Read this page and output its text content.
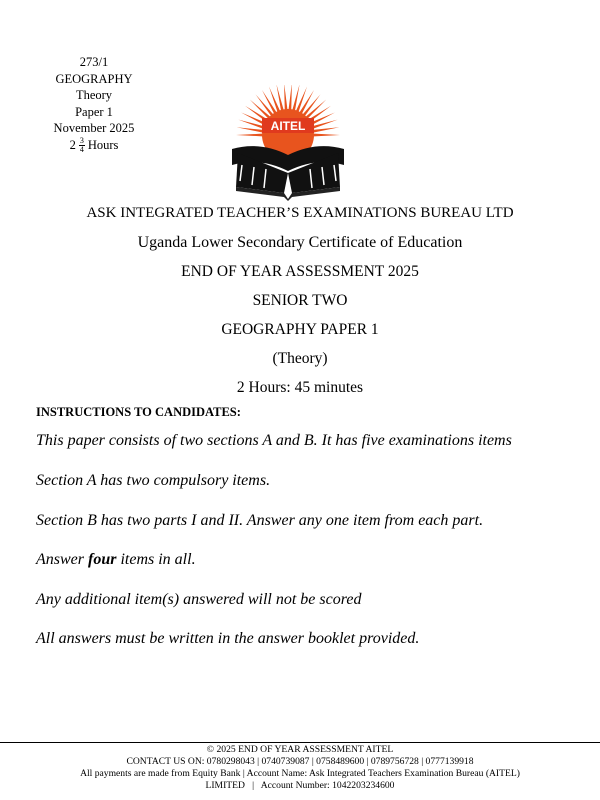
273/1
GEOGRAPHY
Theory
Paper 1
November 2025
$2 \frac{3}{4}$ Hours
AITEL
ASK INTEGRATED TEACHER’S EXAMINATIONS BUREAU LTD
Uganda Lower Secondary Certificate of Education
END OF YEAR ASSESSMENT 2025
SENIOR TWO
GEOGRAPHY PAPER 1
(Theory)
2 Hours: 45 minutes
INSTRUCTIONS TO CANDIDATES:
This paper consists of two sections A and B. It has five examinations items
Section A has two compulsory items.
Section B has two parts I and II. Answer any one item from each part.
Answer four items in all.
Any additional item(s) answered will not be scored
All answers must be written in the answer booklet provided.
© 2025 END OF YEAR ASSESSMENT AITEL
CONTACT US ON: 0780298043 | 0740739087 | 0758489600 | 0789756728 | 0777139918
All payments are made from Equity Bank | Account Name: Ask Integrated Teachers Examination Bureau (AITEL)
LIMITED   |   Account Number: 1042203234600
